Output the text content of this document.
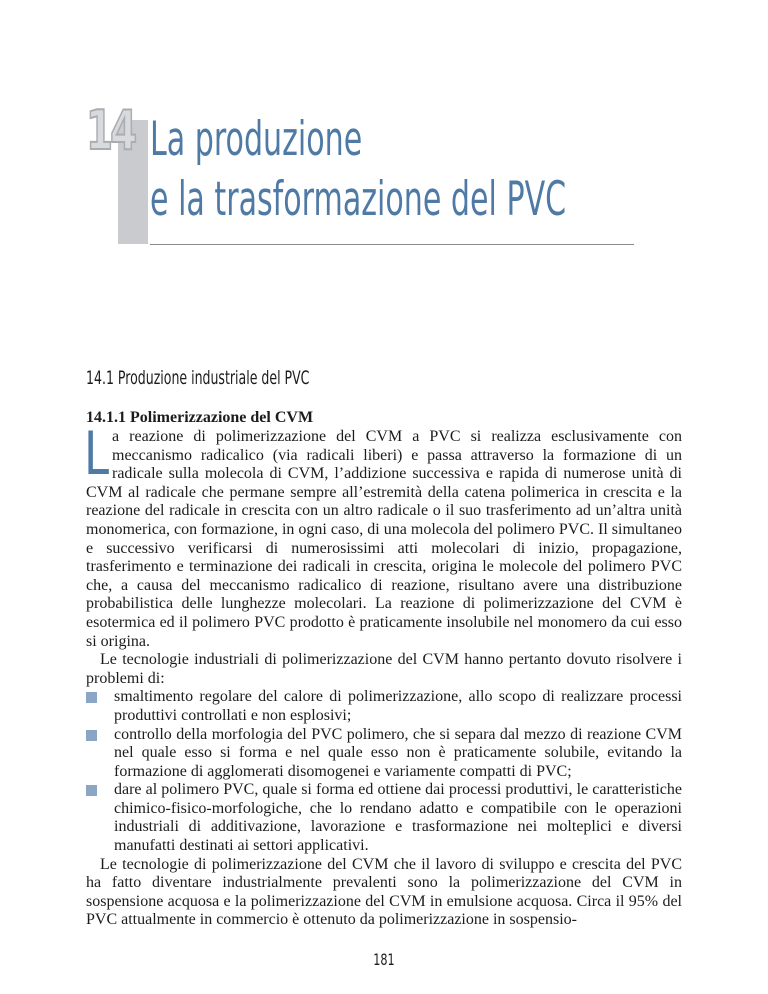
14 La produzione
e la trasformazione del PVC
14.1 Produzione industriale del PVC

14.1.1 Polimerizzazione del CVM

La reazione di polimerizzazione del CVM a PVC si realizza esclusivamente con meccanismo radicalico (via radicali liberi) e passa attraverso la formazione di un radicale sulla molecola di CVM, l’addizione successiva e rapida di numerose unità di CVM al radicale che permane sempre all’estremità della catena polimerica in crescita e la reazione del radicale in crescita con un altro radicale o il suo trasferimento ad un’altra unità monomerica, con formazione, in ogni caso, di una molecola del polimero PVC. Il simultaneo e successivo verificarsi di numerosissimi atti molecolari di inizio, propagazione, trasferimento e terminazione dei radicali in crescita, origina le molecole del polimero PVC che, a causa del meccanismo radicalico di reazione, risultano avere una distribuzione probabilistica delle lunghezze molecolari. La reazione di polimerizzazione del CVM è esotermica ed il polimero PVC prodotto è praticamente insolubile nel monomero da cui esso si origina.

Le tecnologie industriali di polimerizzazione del CVM hanno pertanto dovuto risolvere i problemi di:

smaltimento regolare del calore di polimerizzazione, allo scopo di realizzare processi produttivi controllati e non esplosivi;
controllo della morfologia del PVC polimero, che si separa dal mezzo di reazione CVM nel quale esso si forma e nel quale esso non è praticamente solubile, evitando la formazione di agglomerati disomogenei e variamente compatti di PVC;
dare al polimero PVC, quale si forma ed ottiene dai processi produttivi, le caratteristiche chimico-fisico-morfologiche, che lo rendano adatto e compatibile con le operazioni industriali di additivazione, lavorazione e trasformazione nei molteplici e diversi manufatti destinati ai settori applicativi.

Le tecnologie di polimerizzazione del CVM che il lavoro di sviluppo e crescita del PVC ha fatto diventare industrialmente prevalenti sono la polimerizzazione del CVM in sospensione acquosa e la polimerizzazione del CVM in emulsione acquosa. Circa il 95% del PVC attualmente in commercio è ottenuto da polimerizzazione in sospensio-

181
